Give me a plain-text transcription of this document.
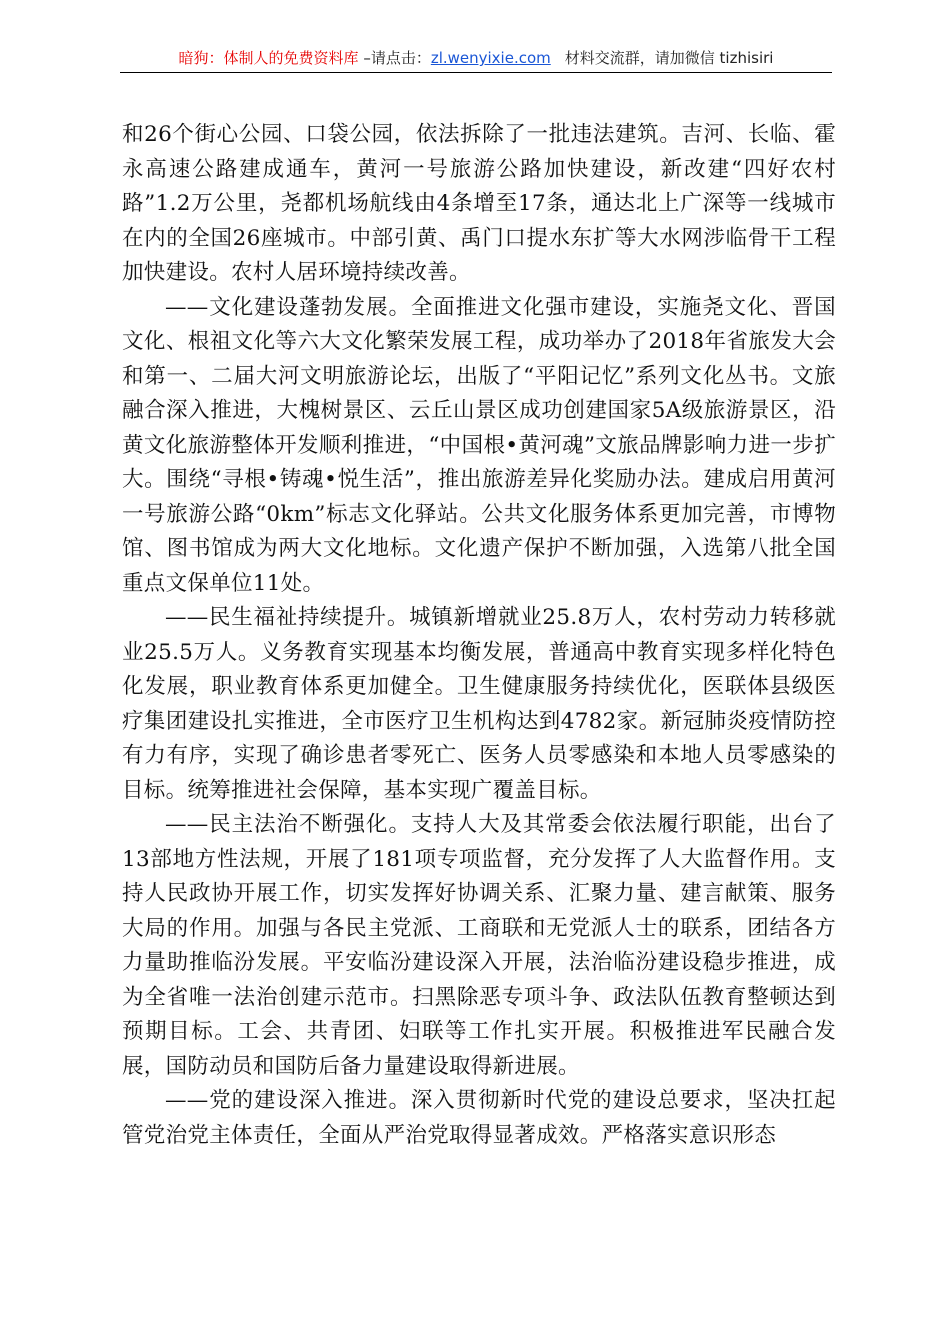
暗狗：体制人的免费资料库 –请点击：zl.wenyixie.com 材料交流群，请加微信 tizhisiri

和26个街心公园、口袋公园，依法拆除了一批违法建筑。吉河、长临、霍永高速公路建成通车，黄河一号旅游公路加快建设，新改建“四好农村路”1.2万公里，尧都机场航线由4条增至17条，通达北上广深等一线城市在内的全国26座城市。中部引黄、禹门口提水东扩等大水网涉临骨干工程加快建设。农村人居环境持续改善。

——文化建设蓬勃发展。全面推进文化强市建设，实施尧文化、晋国文化、根祖文化等六大文化繁荣发展工程，成功举办了2018年省旅发大会和第一、二届大河文明旅游论坛，出版了“平阳记忆”系列文化丛书。文旅融合深入推进，大槐树景区、云丘山景区成功创建国家5A级旅游景区，沿黄文化旅游整体开发顺利推进，“中国根•黄河魂”文旅品牌影响力进一步扩大。围绕“寻根•铸魂•悦生活”，推出旅游差异化奖励办法。建成启用黄河一号旅游公路“0km”标志文化驿站。公共文化服务体系更加完善，市博物馆、图书馆成为两大文化地标。文化遗产保护不断加强，入选第八批全国重点文保单位11处。

——民生福祉持续提升。城镇新增就业25.8万人，农村劳动力转移就业25.5万人。义务教育实现基本均衡发展，普通高中教育实现多样化特色化发展，职业教育体系更加健全。卫生健康服务持续优化，医联体县级医疗集团建设扎实推进，全市医疗卫生机构达到4782家。新冠肺炎疫情防控有力有序，实现了确诊患者零死亡、医务人员零感染和本地人员零感染的目标。统筹推进社会保障，基本实现广覆盖目标。

——民主法治不断强化。支持人大及其常委会依法履行职能，出台了13部地方性法规，开展了181项专项监督，充分发挥了人大监督作用。支持人民政协开展工作，切实发挥好协调关系、汇聚力量、建言献策、服务大局的作用。加强与各民主党派、工商联和无党派人士的联系，团结各方力量助推临汾发展。平安临汾建设深入开展，法治临汾建设稳步推进，成为全省唯一法治创建示范市。扫黑除恶专项斗争、政法队伍教育整顿达到预期目标。工会、共青团、妇联等工作扎实开展。积极推进军民融合发展，国防动员和国防后备力量建设取得新进展。

——党的建设深入推进。深入贯彻新时代党的建设总要求，坚决扛起管党治党主体责任，全面从严治党取得显著成效。严格落实意识形态
